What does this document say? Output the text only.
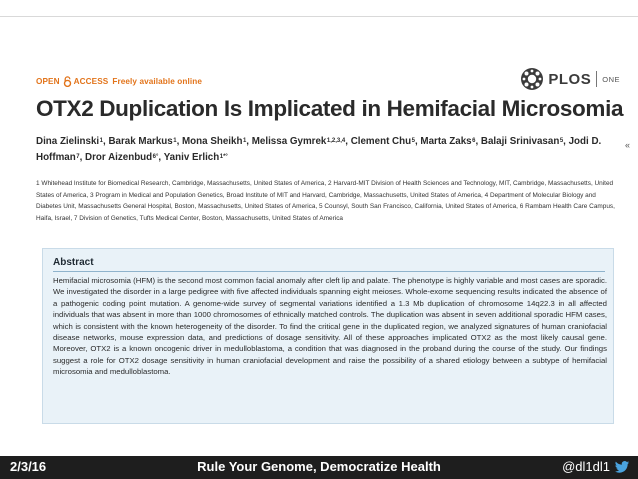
OPEN ACCESS Freely available online	PLOS ONE
OTX2 Duplication Is Implicated in Hemifacial Microsomia
Dina Zielinski$^1$, Barak Markus$^1$, Mona Sheikh$^1$, Melissa Gymrek$^{1,2,3,4}$, Clement Chu$^5$, Marta Zaks$^6$, Balaji Srinivasan$^5$, Jodi D. Hoffman$^7$, Dror Aizenbud$^{6^\circ}$, Yaniv Erlich$^{1*^\circ}$
1 Whitehead Institute for Biomedical Research, Cambridge, Massachusetts, United States of America, 2 Harvard-MIT Division of Health Sciences and Technology, MIT, Cambridge, Massachusetts, United States of America, 3 Program in Medical and Population Genetics, Broad Institute of MIT and Harvard, Cambridge, Massachusetts, United States of America, 4 Department of Molecular Biology and Diabetes Unit, Massachusetts General Hospital, Boston, Massachusetts, United States of America, 5 Counsyl, South San Francisco, California, United States of America, 6 Rambam Health Care Campus, Haifa, Israel, 7 Division of Genetics, Tufts Medical Center, Boston, Massachusetts, United States of America
Abstract
Hemifacial microsomia (HFM) is the second most common facial anomaly after cleft lip and palate. The phenotype is highly variable and most cases are sporadic. We investigated the disorder in a large pedigree with five affected individuals spanning eight meioses. Whole-exome sequencing results indicated the absence of a pathogenic coding point mutation. A genome-wide survey of segmental variations identified a 1.3 Mb duplication of chromosome 14q22.3 in all affected individuals that was absent in more than 1000 chromosomes of ethnically matched controls. The duplication was absent in seven additional sporadic HFM cases, which is consistent with the known heterogeneity of the disorder. To find the critical gene in the duplicated region, we analyzed signatures of human craniofacial disease networks, mouse expression data, and predictions of dosage sensitivity. All of these approaches implicated OTX2 as the most likely causal gene. Moreover, OTX2 is a known oncogenic driver in medulloblastoma, a condition that was diagnosed in the proband during the course of the study. Our findings suggest a role for OTX2 dosage sensitivity in human craniofacial development and raise the possibility of a shared etiology between a subtype of hemifacial microsomia and medulloblastoma.
«
Rule Your Genome, Democratize Health
2/3/16	@dl1dl1
